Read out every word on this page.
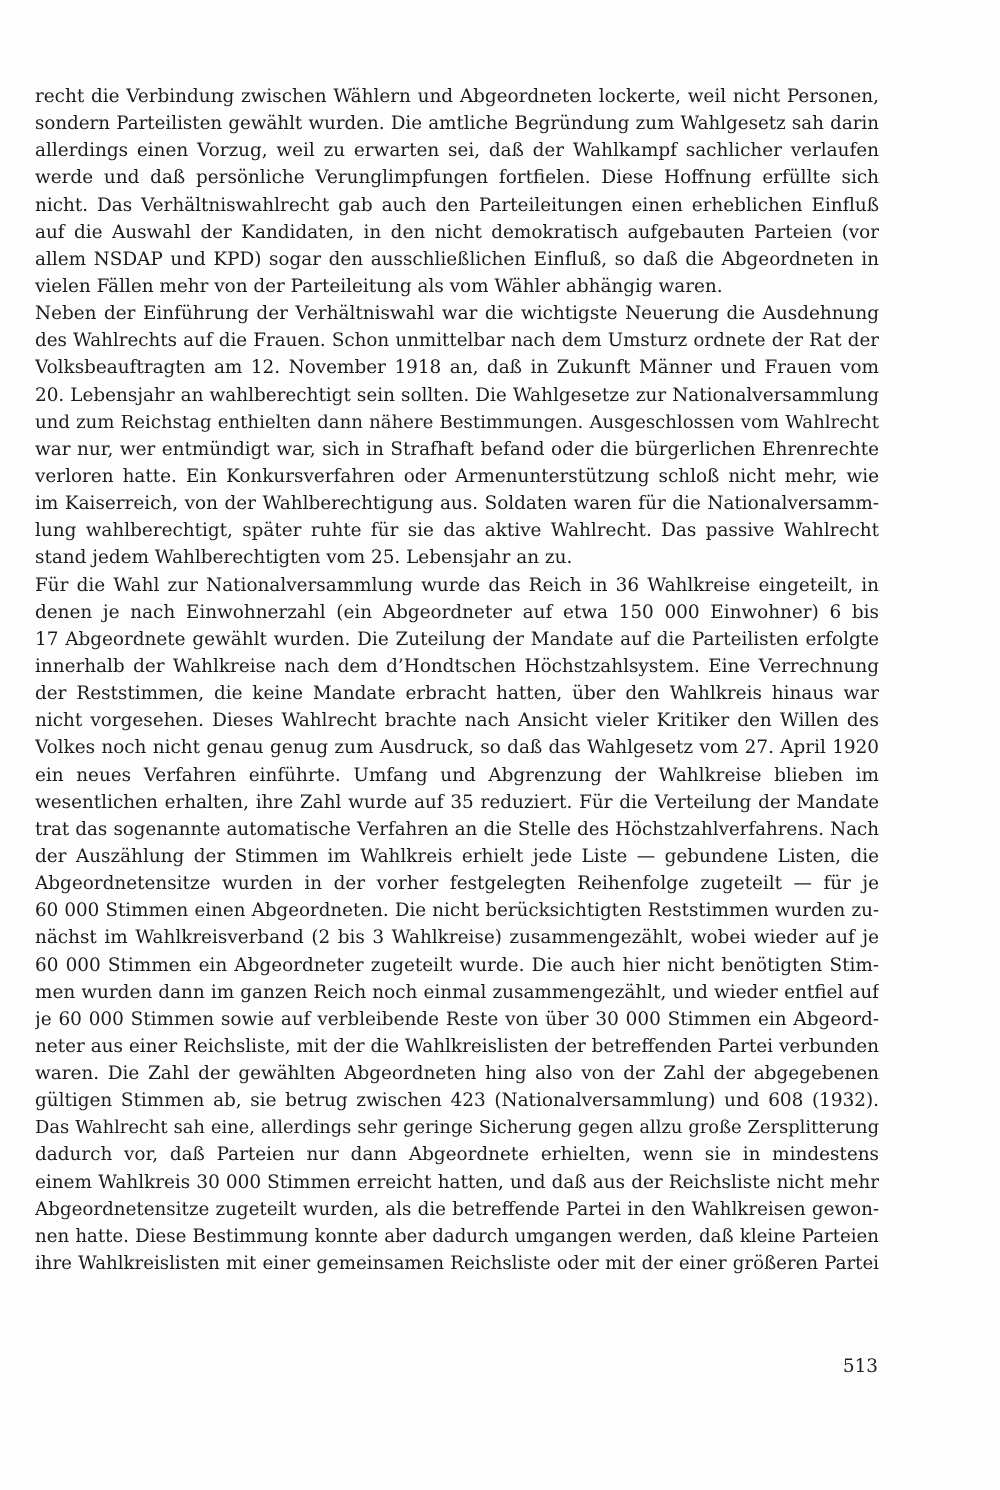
recht die Verbindung zwischen Wählern und Abgeordneten lockerte, weil nicht Personen,
sondern Parteilisten gewählt wurden. Die amtliche Begründung zum Wahlgesetz sah darin
allerdings einen Vorzug, weil zu erwarten sei, daß der Wahlkampf sachlicher verlaufen
werde und daß persönliche Verunglimpfungen fortfielen. Diese Hoffnung erfüllte sich
nicht. Das Verhältniswahlrecht gab auch den Parteileitungen einen erheblichen Einfluß
auf die Auswahl der Kandidaten, in den nicht demokratisch aufgebauten Parteien (vor
allem NSDAP und KPD) sogar den ausschließlichen Einfluß, so daß die Abgeordneten in
vielen Fällen mehr von der Parteileitung als vom Wähler abhängig waren.
Neben der Einführung der Verhältniswahl war die wichtigste Neuerung die Ausdehnung
des Wahlrechts auf die Frauen. Schon unmittelbar nach dem Umsturz ordnete der Rat der
Volksbeauftragten am 12. November 1918 an, daß in Zukunft Männer und Frauen vom
20. Lebensjahr an wahlberechtigt sein sollten. Die Wahlgesetze zur Nationalversammlung
und zum Reichstag enthielten dann nähere Bestimmungen. Ausgeschlossen vom Wahlrecht
war nur, wer entmündigt war, sich in Strafhaft befand oder die bürgerlichen Ehrenrechte
verloren hatte. Ein Konkursverfahren oder Armenunterstützung schloß nicht mehr, wie
im Kaiserreich, von der Wahlberechtigung aus. Soldaten waren für die Nationalversamm-
lung wahlberechtigt, später ruhte für sie das aktive Wahlrecht. Das passive Wahlrecht
stand jedem Wahlberechtigten vom 25. Lebensjahr an zu.
Für die Wahl zur Nationalversammlung wurde das Reich in 36 Wahlkreise eingeteilt, in
denen je nach Einwohnerzahl (ein Abgeordneter auf etwa 150 000 Einwohner) 6 bis
17 Abgeordnete gewählt wurden. Die Zuteilung der Mandate auf die Parteilisten erfolgte
innerhalb der Wahlkreise nach dem d’Hondtschen Höchstzahlsystem. Eine Verrechnung
der Reststimmen, die keine Mandate erbracht hatten, über den Wahlkreis hinaus war
nicht vorgesehen. Dieses Wahlrecht brachte nach Ansicht vieler Kritiker den Willen des
Volkes noch nicht genau genug zum Ausdruck, so daß das Wahlgesetz vom 27. April 1920
ein neues Verfahren einführte. Umfang und Abgrenzung der Wahlkreise blieben im
wesentlichen erhalten, ihre Zahl wurde auf 35 reduziert. Für die Verteilung der Mandate
trat das sogenannte automatische Verfahren an die Stelle des Höchstzahlverfahrens. Nach
der Auszählung der Stimmen im Wahlkreis erhielt jede Liste — gebundene Listen, die
Abgeordnetensitze wurden in der vorher festgelegten Reihenfolge zugeteilt — für je
60 000 Stimmen einen Abgeordneten. Die nicht berücksichtigten Reststimmen wurden zu-
nächst im Wahlkreisverband (2 bis 3 Wahlkreise) zusammengezählt, wobei wieder auf je
60 000 Stimmen ein Abgeordneter zugeteilt wurde. Die auch hier nicht benötigten Stim-
men wurden dann im ganzen Reich noch einmal zusammengezählt, und wieder entfiel auf
je 60 000 Stimmen sowie auf verbleibende Reste von über 30 000 Stimmen ein Abgeord-
neter aus einer Reichsliste, mit der die Wahlkreislisten der betreffenden Partei verbunden
waren. Die Zahl der gewählten Abgeordneten hing also von der Zahl der abgegebenen
gültigen Stimmen ab, sie betrug zwischen 423 (Nationalversammlung) und 608 (1932).
Das Wahlrecht sah eine, allerdings sehr geringe Sicherung gegen allzu große Zersplitterung
dadurch vor, daß Parteien nur dann Abgeordnete erhielten, wenn sie in mindestens
einem Wahlkreis 30 000 Stimmen erreicht hatten, und daß aus der Reichsliste nicht mehr
Abgeordnetensitze zugeteilt wurden, als die betreffende Partei in den Wahlkreisen gewon-
nen hatte. Diese Bestimmung konnte aber dadurch umgangen werden, daß kleine Parteien
ihre Wahlkreislisten mit einer gemeinsamen Reichsliste oder mit der einer größeren Partei
513
